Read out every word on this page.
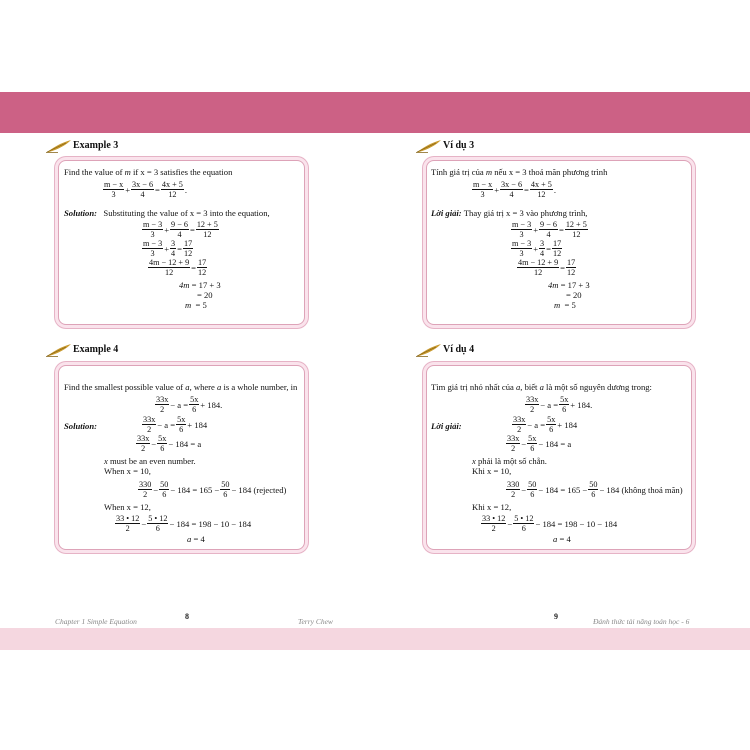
Example 3
Find the value of m if x = 3 satisfies the equation
$\frac{m - x}{3} + \frac{3x - 6}{4} = \frac{4x + 5}{12}$ .
Solution: Substituting the value of x = 3 into the equation,
$\frac{m - 3}{3} + \frac{9 - 6}{4} = \frac{12 + 5}{12}$
$\frac{m - 3}{3} + \frac{3}{4} = \frac{17}{12}$
$\frac{4m - 12 + 9}{12} = \frac{17}{12}$
4m = 17 + 3
= 20
m = 5
Example 4
Find the smallest possible value of a, where a is a whole number, in
$\frac{33x}{2} - a = \frac{5x}{6} + 184$.
Solution:	$\frac{33x}{2} - a = \frac{5x}{6} + 184$
$\frac{33x}{2} - \frac{5x}{6} - 184 = a$
x must be an even number.
When x = 10,
$\frac{330}{2} - \frac{50}{6} - 184 = 165 - \frac{50}{6} - 184$ (rejected)
When x = 12,
$\frac{33 • 12}{2} - \frac{5 • 12}{6} - 184 = 198 - 10 - 184$
a = 4
Chapter 1 Simple Equation
8
Terry Chew
Ví dụ 3
Tính giá trị của m nếu x = 3 thoả mãn phương trình
$\frac{m - x}{3} + \frac{3x - 6}{4} = \frac{4x + 5}{12}$ .
Lời giải: Thay giá trị x = 3 vào phương trình,
$\frac{m - 3}{3} + \frac{9 - 6}{4} = \frac{12 + 5}{12}$
$\frac{m - 3}{3} + \frac{3}{4} = \frac{17}{12}$
$\frac{4m - 12 + 9}{12} = \frac{17}{12}$
4m = 17 + 3
= 20
m = 5
Ví dụ 4
Tìm giá trị nhỏ nhất của a, biết a là một số nguyên dương trong:
$\frac{33x}{2} - a = \frac{5x}{6} + 184$.
Lời giải:	$\frac{33x}{2} - a = \frac{5x}{6} + 184$
$\frac{33x}{2} - \frac{5x}{6} - 184 = a$
x phải là một số chẵn.
Khi x = 10,
$\frac{330}{2} - \frac{50}{6} - 184 = 165 - \frac{50}{6} - 184$ (không thoả mãn)
Khi x = 12,
$\frac{33 • 12}{2} - \frac{5 • 12}{6} - 184 = 198 - 10 - 184$
a = 4
9
Đánh thức tài năng toán học - 6
